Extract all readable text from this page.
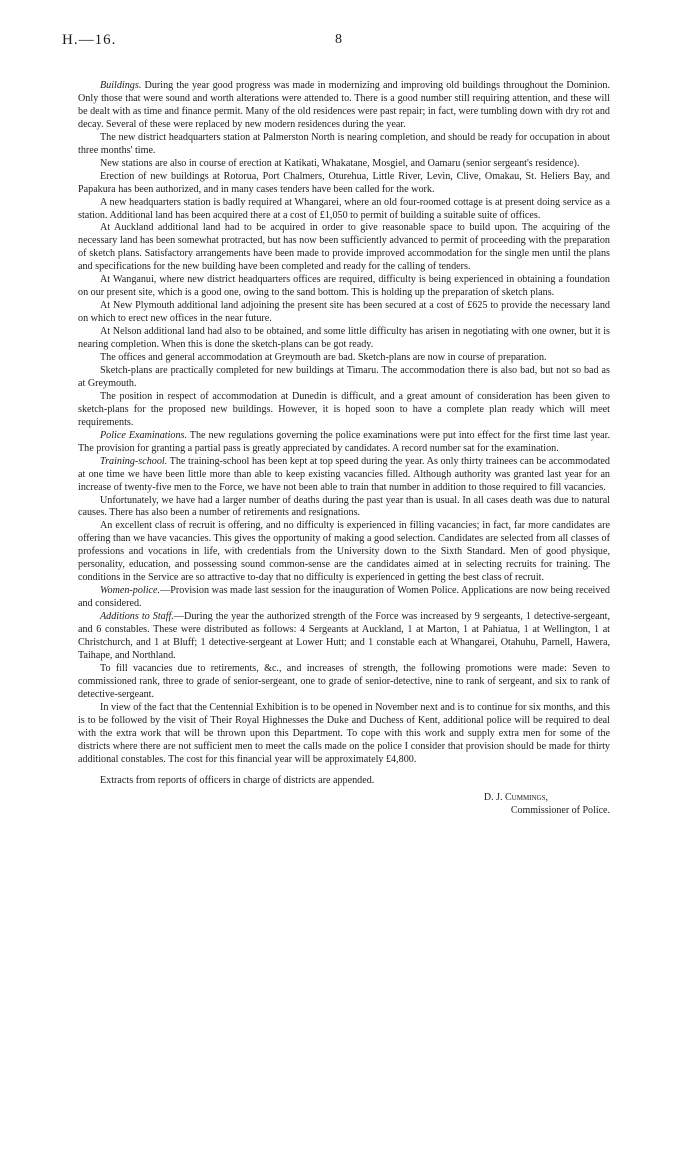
H.—16.	8

Buildings. During the year good progress was made in modernizing and improving old buildings throughout the Dominion. Only those that were sound and worth alterations were attended to. There is a good number still requiring attention, and these will be dealt with as time and finance permit. Many of the old residences were past repair; in fact, were tumbling down with dry rot and decay. Several of these were replaced by new modern residences during the year.

The new district headquarters station at Palmerston North is nearing completion, and should be ready for occupation in about three months' time.

New stations are also in course of erection at Katikati, Whakatane, Mosgiel, and Oamaru (senior sergeant's residence).

Erection of new buildings at Rotorua, Port Chalmers, Oturehua, Little River, Levin, Clive, Omakau, St. Heliers Bay, and Papakura has been authorized, and in many cases tenders have been called for the work.

A new headquarters station is badly required at Whangarei, where an old four-roomed cottage is at present doing service as a station. Additional land has been acquired there at a cost of £1,050 to permit of building a suitable suite of offices.

At Auckland additional land had to be acquired in order to give reasonable space to build upon. The acquiring of the necessary land has been somewhat protracted, but has now been sufficiently advanced to permit of proceeding with the preparation of sketch plans. Satisfactory arrangements have been made to provide improved accommodation for the single men until the plans and specifications for the new building have been completed and ready for the calling of tenders.

At Wanganui, where new district headquarters offices are required, difficulty is being experienced in obtaining a foundation on our present site, which is a good one, owing to the sand bottom. This is holding up the preparation of sketch plans.

At New Plymouth additional land adjoining the present site has been secured at a cost of £625 to provide the necessary land on which to erect new offices in the near future.

At Nelson additional land had also to be obtained, and some little difficulty has arisen in negotiating with one owner, but it is nearing completion. When this is done the sketch-plans can be got ready.

The offices and general accommodation at Greymouth are bad. Sketch-plans are now in course of preparation.

Sketch-plans are practically completed for new buildings at Timaru. The accommodation there is also bad, but not so bad as at Greymouth.

The position in respect of accommodation at Dunedin is difficult, and a great amount of consideration has been given to sketch-plans for the proposed new buildings. However, it is hoped soon to have a complete plan ready which will meet requirements.

Police Examinations. The new regulations governing the police examinations were put into effect for the first time last year. The provision for granting a partial pass is greatly appreciated by candidates. A record number sat for the examination.

Training-school. The training-school has been kept at top speed during the year. As only thirty trainees can be accommodated at one time we have been little more than able to keep existing vacancies filled. Although authority was granted last year for an increase of twenty-five men to the Force, we have not been able to train that number in addition to those required to fill vacancies.

Unfortunately, we have had a larger number of deaths during the past year than is usual. In all cases death was due to natural causes. There has also been a number of retirements and resignations.

An excellent class of recruit is offering, and no difficulty is experienced in filling vacancies; in fact, far more candidates are offering than we have vacancies. This gives the opportunity of making a good selection. Candidates are selected from all classes of professions and vocations in life, with credentials from the University down to the Sixth Standard. Men of good physique, personality, education, and possessing sound common-sense are the candidates aimed at in selecting recruits for training. The conditions in the Service are so attractive to-day that no difficulty is experienced in getting the best class of recruit.

Women-police.—Provision was made last session for the inauguration of Women Police. Applications are now being received and considered.

Additions to Staff.—During the year the authorized strength of the Force was increased by 9 sergeants, 1 detective-sergeant, and 6 constables. These were distributed as follows: 4 Sergeants at Auckland, 1 at Marton, 1 at Pahiatua, 1 at Wellington, 1 at Christchurch, and 1 at Bluff; 1 detective-sergeant at Lower Hutt; and 1 constable each at Whangarei, Otahuhu, Parnell, Hawera, Taihape, and Northland.

To fill vacancies due to retirements, &c., and increases of strength, the following promotions were made: Seven to commissioned rank, three to grade of senior-sergeant, one to grade of senior-detective, nine to rank of sergeant, and six to rank of detective-sergeant.

In view of the fact that the Centennial Exhibition is to be opened in November next and is to continue for six months, and this is to be followed by the visit of Their Royal Highnesses the Duke and Duchess of Kent, additional police will be required to deal with the extra work that will be thrown upon this Department. To cope with this work and supply extra men for some of the districts where there are not sufficient men to meet the calls made on the police I consider that provision should be made for thirty additional constables. The cost for this financial year will be approximately £4,800.

Extracts from reports of officers in charge of districts are appended.

D. J. Cummings,
Commissioner of Police.
